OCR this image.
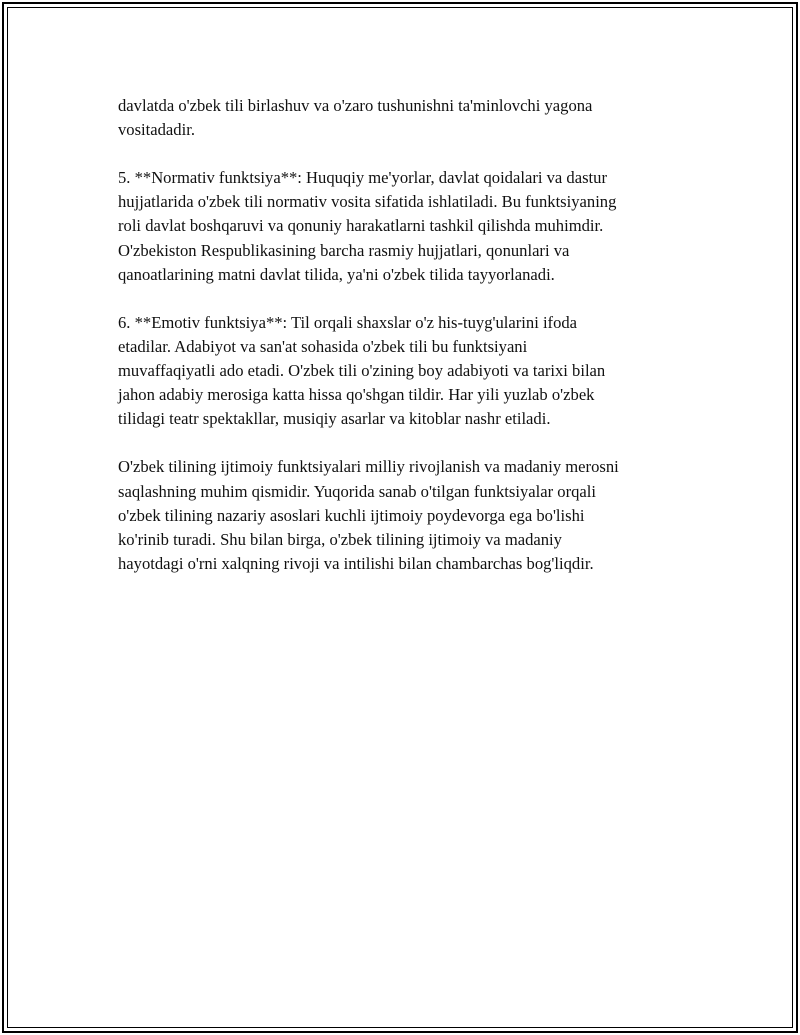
davlatda o'zbek tili birlashuv va o'zaro tushunishni ta'minlovchi yagona
vositadadir.

5. **Normativ funktsiya**: Huquqiy me'yorlar, davlat qoidalari va dastur
hujjatlarida o'zbek tili normativ vosita sifatida ishlatiladi. Bu funktsiyaning
roli davlat boshqaruvi va qonuniy harakatlarni tashkil qilishda muhimdir.
O'zbekiston Respublikasining barcha rasmiy hujjatlari, qonunlari va
qanoatlarining matni davlat tilida, ya'ni o'zbek tilida tayyorlanadi.

6. **Emotiv funktsiya**: Til orqali shaxslar o'z his-tuyg'ularini ifoda
etadilar. Adabiyot va san'at sohasida o'zbek tili bu funktsiyani
muvaffaqiyatli ado etadi. O'zbek tili o'zining boy adabiyoti va tarixi bilan
jahon adabiy merosiga katta hissa qo'shgan tildir. Har yili yuzlab o'zbek
tilidagi teatr spektakllar, musiqiy asarlar va kitoblar nashr etiladi.

O'zbek tilining ijtimoiy funktsiyalari milliy rivojlanish va madaniy merosni
saqlashning muhim qismidir. Yuqorida sanab o'tilgan funktsiyalar orqali
o'zbek tilining nazariy asoslari kuchli ijtimoiy poydevorga ega bo'lishi
ko'rinib turadi. Shu bilan birga, o'zbek tilining ijtimoiy va madaniy
hayotdagi o'rni xalqning rivoji va intilishi bilan chambarchas bog'liqdir.
